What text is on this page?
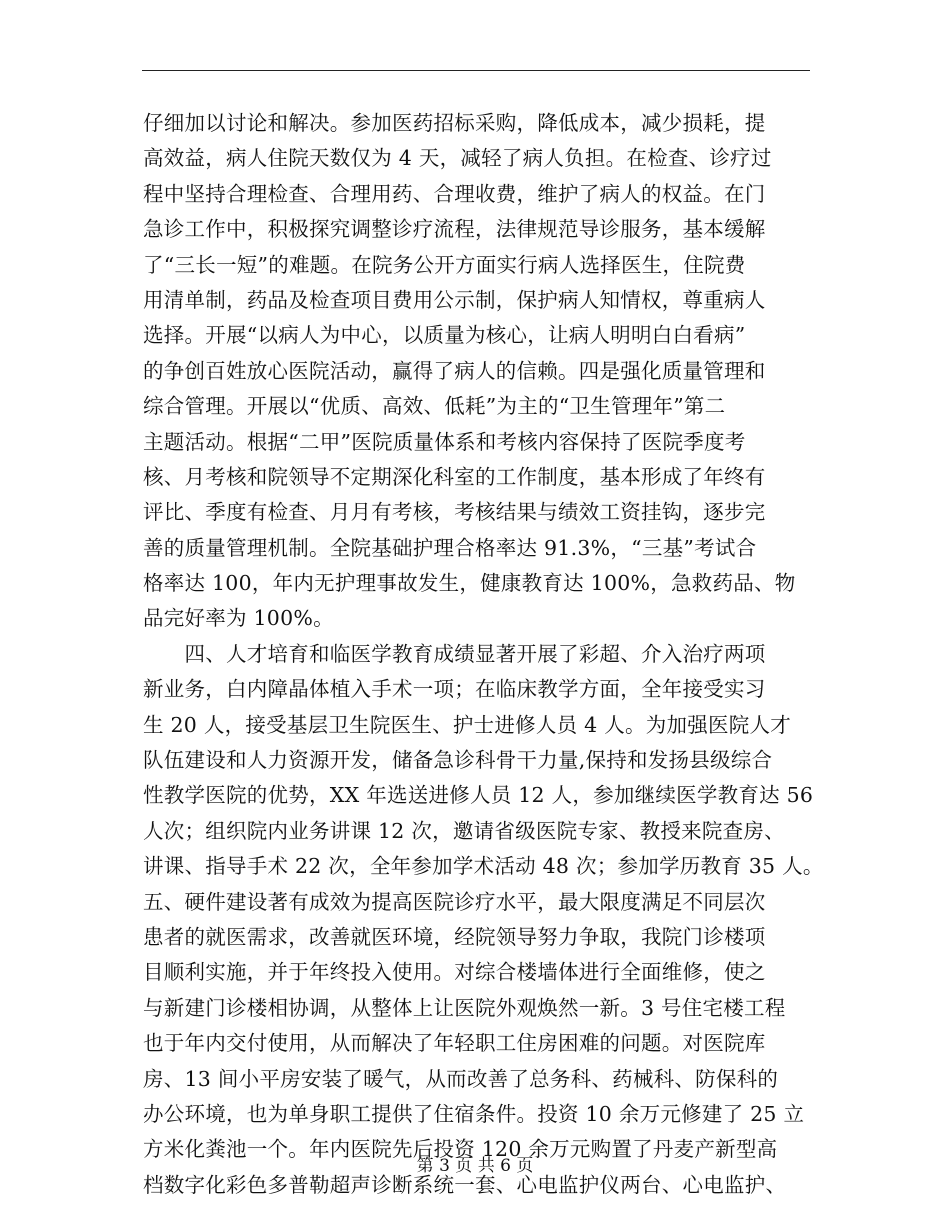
仔细加以讨论和解决。参加医药招标采购，降低成本，减少损耗，提
高效益，病人住院天数仅为 4 天，减轻了病人负担。在检查、诊疗过
程中坚持合理检查、合理用药、合理收费，维护了病人的权益。在门
急诊工作中，积极探究调整诊疗流程，法律规范导诊服务，基本缓解
了“三长一短”的难题。在院务公开方面实行病人选择医生，住院费
用清单制，药品及检查项目费用公示制，保护病人知情权，尊重病人
选择。开展“以病人为中心，以质量为核心，让病人明明白白看病”
的争创百姓放心医院活动，赢得了病人的信赖。四是强化质量管理和
综合管理。开展以“优质、高效、低耗”为主的“卫生管理年”第二
主题活动。根据“二甲”医院质量体系和考核内容保持了医院季度考
核、月考核和院领导不定期深化科室的工作制度，基本形成了年终有
评比、季度有检查、月月有考核，考核结果与绩效工资挂钩，逐步完
善的质量管理机制。全院基础护理合格率达 91.3%，“三基”考试合
格率达 100，年内无护理事故发生，健康教育达 100%，急救药品、物
品完好率为 100%。
　　四、人才培育和临医学教育成绩显著开展了彩超、介入治疗两项
新业务，白内障晶体植入手术一项；在临床教学方面，全年接受实习
生 20 人，接受基层卫生院医生、护士进修人员 4 人。为加强医院人才
队伍建设和人力资源开发，储备急诊科骨干力量,保持和发扬县级综合
性教学医院的优势，XX 年选送进修人员 12 人，参加继续医学教育达 56
人次；组织院内业务讲课 12 次，邀请省级医院专家、教授来院查房、
讲课、指导手术 22 次，全年参加学术活动 48 次；参加学历教育 35 人。
五、硬件建设著有成效为提高医院诊疗水平，最大限度满足不同层次
患者的就医需求，改善就医环境，经院领导努力争取，我院门诊楼项
目顺利实施，并于年终投入使用。对综合楼墙体进行全面维修，使之
与新建门诊楼相协调，从整体上让医院外观焕然一新。3 号住宅楼工程
也于年内交付使用，从而解决了年轻职工住房困难的问题。对医院库
房、13 间小平房安装了暖气，从而改善了总务科、药械科、防保科的
办公环境，也为单身职工提供了住宿条件。投资 10 余万元修建了 25 立
方米化粪池一个。年内医院先后投资 120 余万元购置了丹麦产新型高
档数字化彩色多普勒超声诊断系统一套、心电监护仪两台、心电监护、
第 3 页 共 6 页
